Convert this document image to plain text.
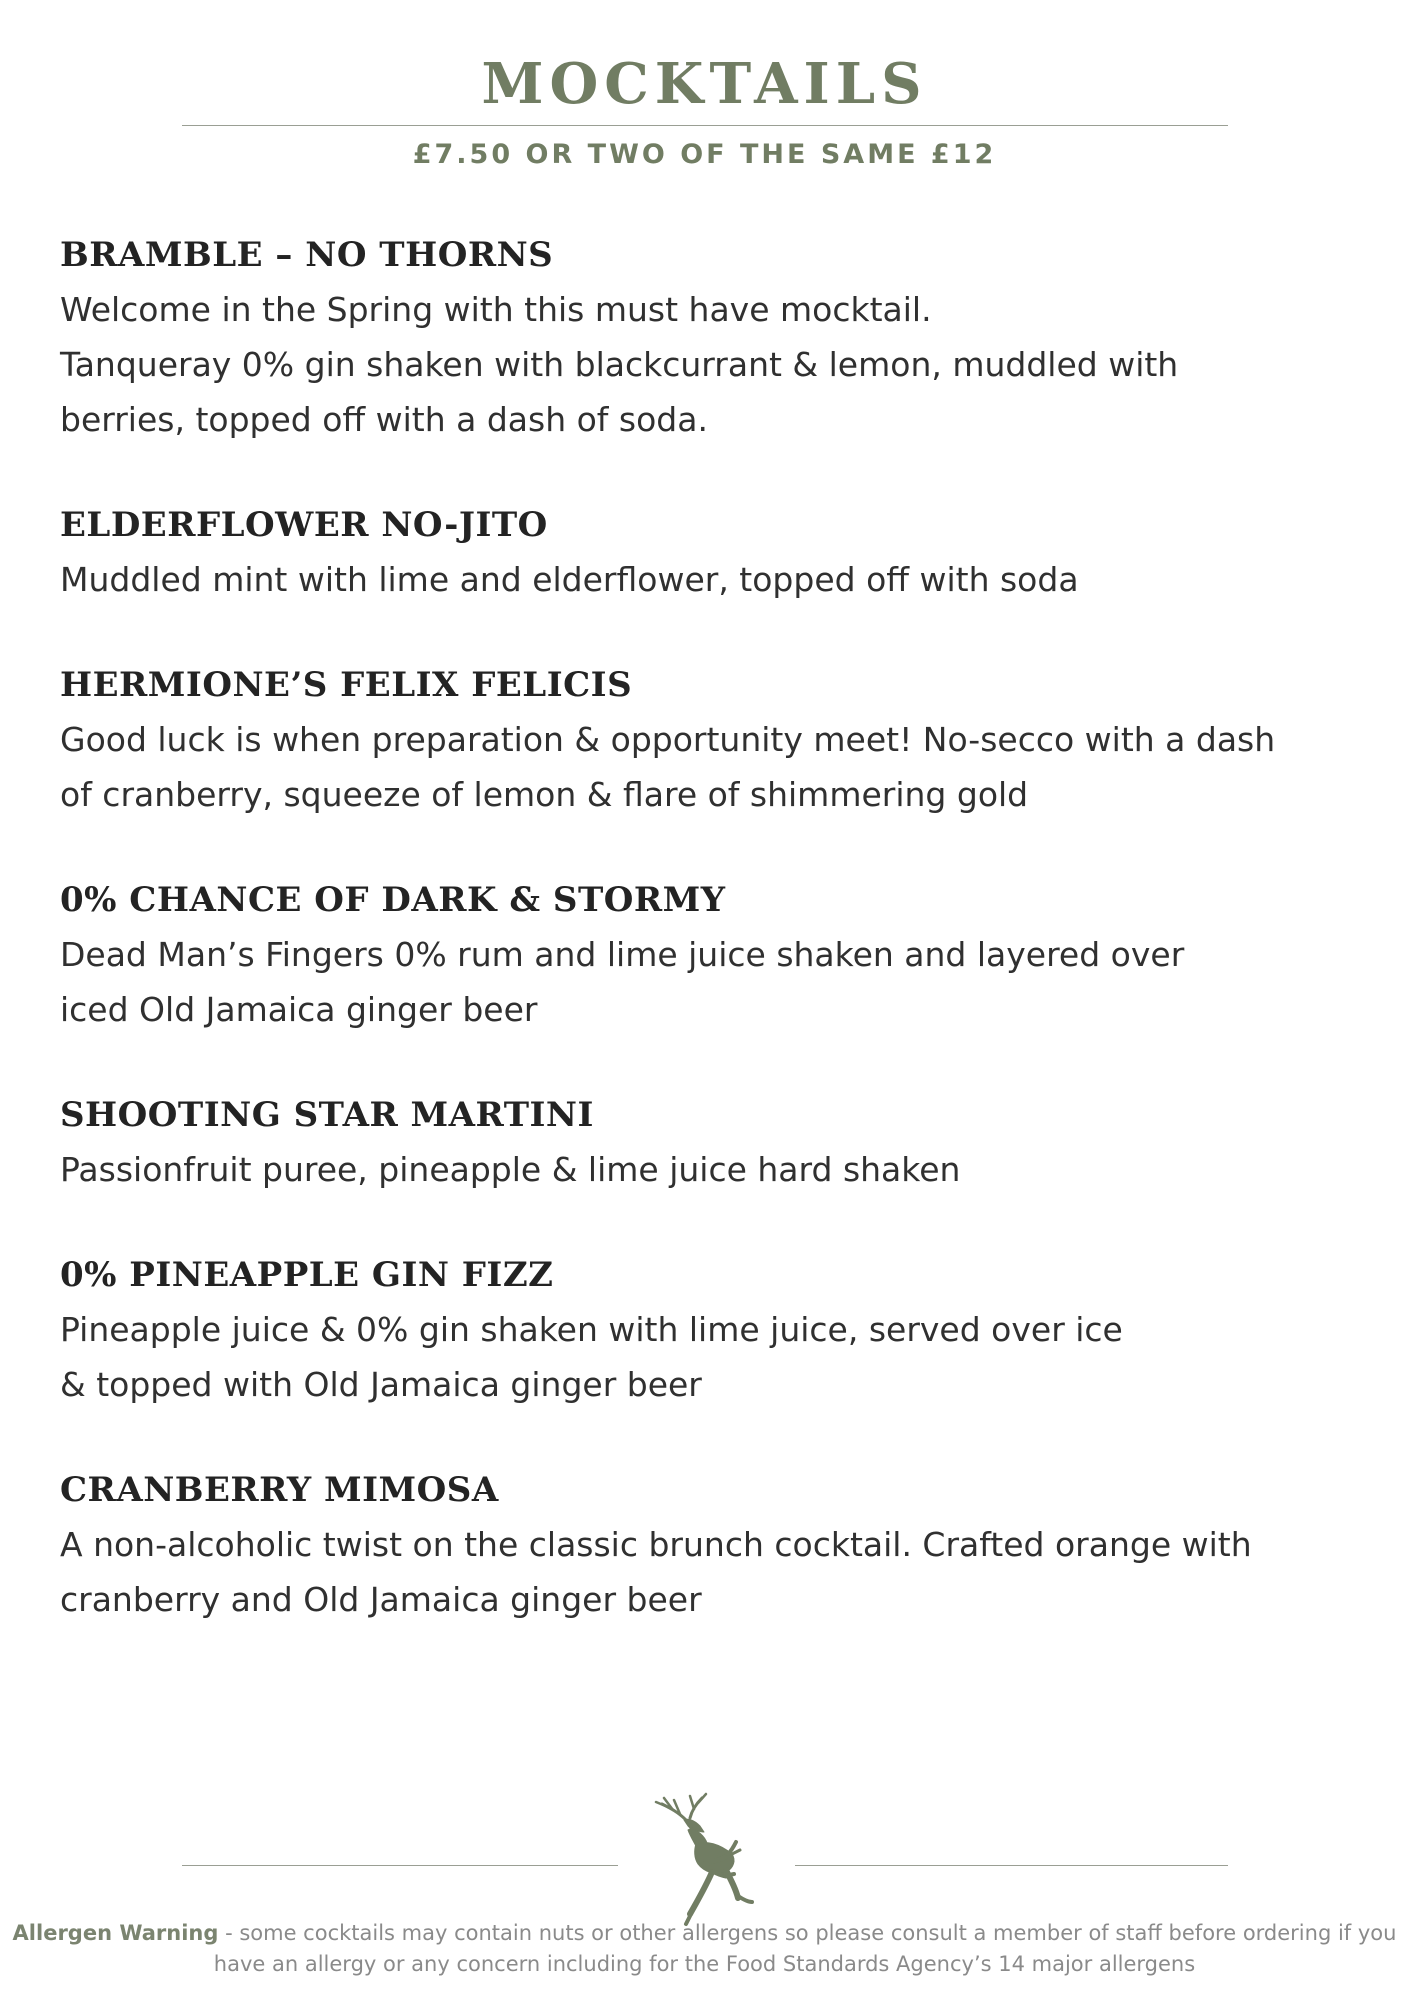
MOCKTAILS
£7.50 OR TWO OF THE SAME £12
BRAMBLE – NO THORNS
Welcome in the Spring with this must have mocktail.
Tanqueray 0% gin shaken with blackcurrant & lemon, muddled with
berries, topped off with a dash of soda.
ELDERFLOWER NO-JITO
Muddled mint with lime and elderflower, topped off with soda
HERMIONE’S FELIX FELICIS
Good luck is when preparation & opportunity meet! No-secco with a dash
of cranberry, squeeze of lemon & flare of shimmering gold
0% CHANCE OF DARK & STORMY
Dead Man’s Fingers 0% rum and lime juice shaken and layered over
iced Old Jamaica ginger beer
SHOOTING STAR MARTINI
Passionfruit puree, pineapple & lime juice hard shaken
0% PINEAPPLE GIN FIZZ
Pineapple juice & 0% gin shaken with lime juice, served over ice
& topped with Old Jamaica ginger beer
CRANBERRY MIMOSA
A non-alcoholic twist on the classic brunch cocktail. Crafted orange with
cranberry and Old Jamaica ginger beer
Allergen Warning - some cocktails may contain nuts or other allergens so please consult a member of staff before ordering if you have an allergy or any concern including for the Food Standards Agency’s 14 major allergens
